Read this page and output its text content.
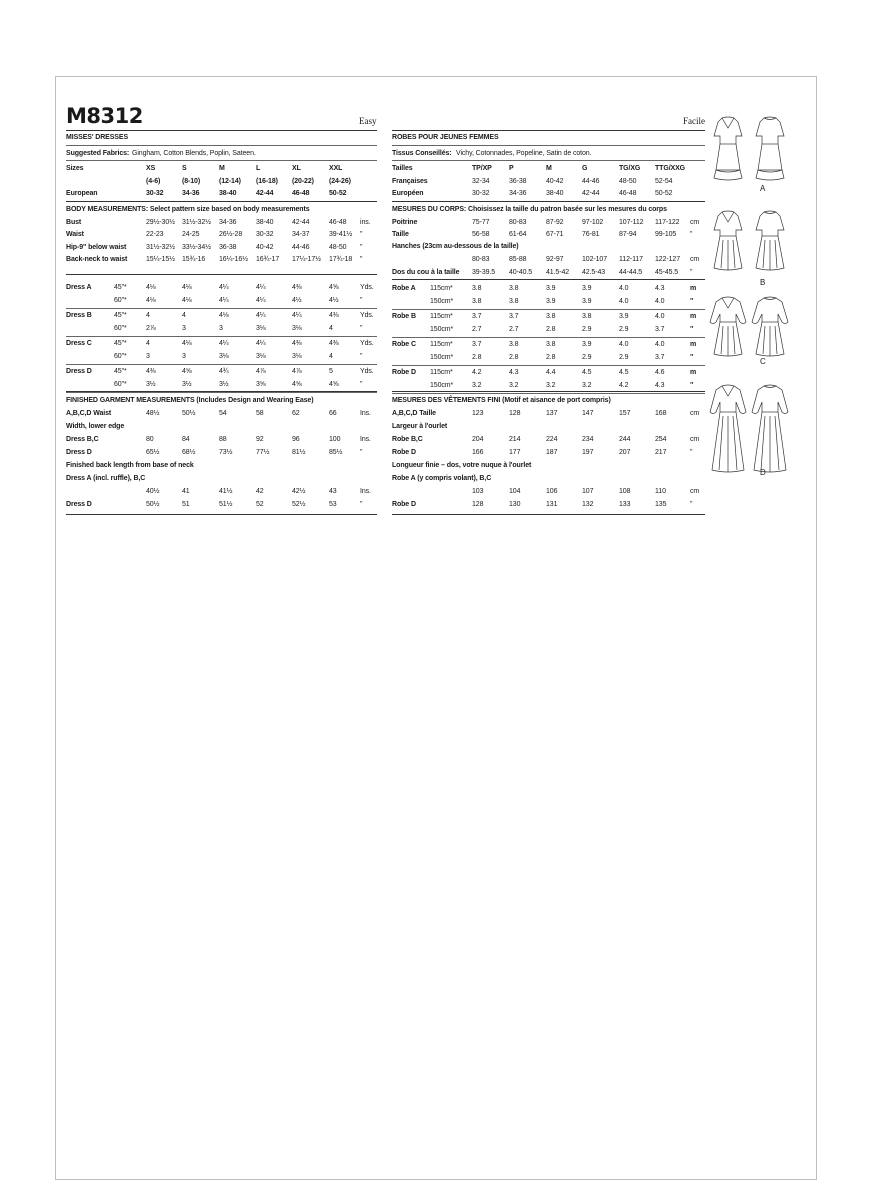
M8312	Easy	Facile
A
B
C
D
MISSES' DRESSES
Suggested Fabrics: Gingham, Cotton Blends, Poplin, Sateen.
Sizes	XS	S	M	L	XL	XXL
(4-6)	(8-10)	(12-14) (16-18) (20-22) (24-26)
European	30-32	34-36	38-40	42-44	46-48	50-52
BODY MEASUREMENTS: Select pattern size based on body measurements
Bust	29½-30½ 31½-32½ 34-36	38-40	42-44	46-48 ins.
Waist	22-23	24-25	26½-28 30-32	34-37	39-41½ "
Hip-9" below waist	31½-32½ 33½-34½ 36-38	40-42	44-46	48-50 "
Back-neck to waist	15¼-15½ 15¾-16 16¼-16½ 16¾-17 17¼-17½ 17¾-18 "
Dress A	45"*	4⅛	4⅛	4¼	4¼	4⅜	4⅝	Yds.
60"*	4⅛	4⅛	4¼	4¼	4½	4½	"
Dress B	45"*	4	4	4⅛	4¼	4¼	4⅜	Yds.
60"*	2⅞	3	3	3⅛	3⅛	4	"
Dress C	45"*	4	4⅛	4¼	4¼	4⅜	4⅜	Yds.
60"*	3	3	3⅛	3⅛	3⅛	4	"
Dress D	45"*	4⅜	4⅝	4¾	4⅞	4⅞	5	Yds.
60"*	3½	3½	3½	3⅝	4⅝	4⅝	"
FINISHED GARMENT MEASUREMENTS (Includes Design and Wearing Ease)
A,B,C,D Waist	48½	50½	54	58	62	66	Ins.
Width, lower edge
Dress B,C	80	84	88	92	96	100	Ins.
Dress D	65½	68½	73½	77½	81½	85½	"
Finished back length from base of neck
Dress A (incl. ruffle), B,C
40½	41	41½	42	42½	43	Ins.
Dress D	50½	51	51½	52	52½	53	"
ROBES POUR JEUNES FEMMES
Tissus Conseillés: Vichy, Cotonnades, Popeline, Satin de coton.
Tailles	TP/XP P	M	G	TG/XG TTG/XXG
Françaises	32-34	36-38	40-42	44-46	48-50	52-54
Européen	30-32	34-36	38-40	42-44	46-48	50-52
MESURES DU CORPS: Choisissez la taille du patron basée sur les mesures du corps
Poitrine	75-77	80-83	87-92	97-102 107-112 117-122 cm
Taille	56-58	61-64	67-71	76-81	87-94	99-105 "
Hanches (23cm au-dessous de la taille)
80-83	85-88	92-97	102-107 112-117 122-127 cm
Dos du cou à la taille 39-39.5 40-40.5 41.5-42 42.5-43 44-44.5 45-45.5 "
Robe A 115cm*	3.8	3.8	3.9	3.9	4.0	4.3	m
150cm*	3.8	3.8	3.9	3.9	4.0	4.0	"
Robe B 115cm*	3.7	3.7	3.8	3.8	3.9	4.0	m
150cm*	2.7	2.7	2.8	2.9	2.9	3.7	"
Robe C 115cm*	3.7	3.8	3.8	3.9	4.0	4.0	m
150cm*	2.8	2.8	2.8	2.9	2.9	3.7	"
Robe D 115cm*	4.2	4.3	4.4	4.5	4.5	4.6	m
150cm*	3.2	3.2	3.2	3.2	4.2	4.3	"
MESURES DES VÊTEMENTS FINI (Motif et aisance de port compris)
A,B,C,D Taille	123	128	137	147	157	168	cm
Largeur à l'ourlet
Robe B,C	204	214	224	234	244	254	cm
Robe D	166	177	187	197	207	217	"
Longueur finie – dos, votre nuque à l'ourlet
Robe A (y compris volant), B,C
103	104	106	107	108	110	cm
Robe D	128	130	131	132	133	135	"
